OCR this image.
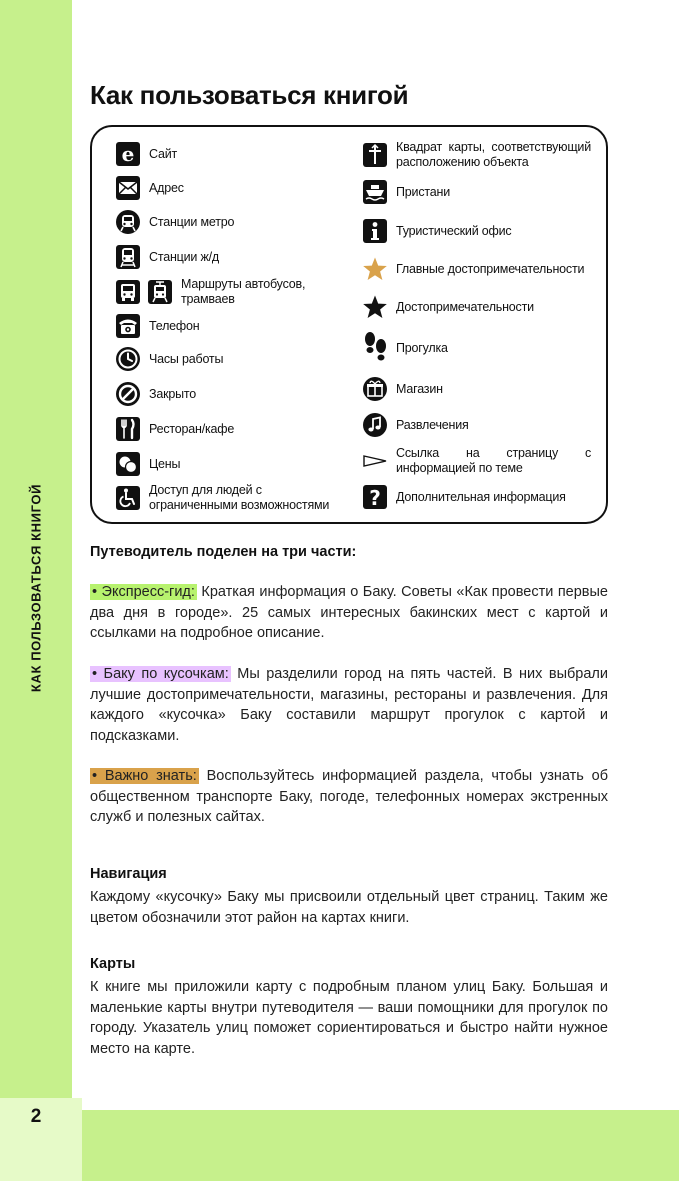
КАК ПОЛЬЗОВАТЬСЯ КНИГОЙ
2
Как пользоваться книгой
e Сайт
Адрес
Станции метро
Станции ж/д
Маршруты автобусов, трамваев
Телефон
Часы работы
Закрыто
Ресторан/кафе
Цены
Доступ для людей с ограниченными возможностями
Квадрат карты, соответствующий расположению объекта
Пристани
Туристический офис
Главные достопримечательности
Достопримечательности
Прогулка
Магазин
Развлечения
Ссылка на страницу с информацией по теме
? Дополнительная информация
Путеводитель поделен на три части:

• Экспресс-гид: Краткая информация о Баку. Советы «Как провести первые два дня в городе». 25 самых интересных бакинских мест с картой и ссылками на подробное описание.

• Баку по кусочкам: Мы разделили город на пять частей. В них выбрали лучшие достопримечательности, магазины, рестораны и развлечения. Для каждого «кусочка» Баку составили маршрут прогулок с картой и подсказками.

• Важно знать: Воспользуйтесь информацией раздела, чтобы узнать об общественном транспорте Баку, погоде, телефонных номерах экстренных служб и полезных сайтах.

Навигация

Каждому «кусочку» Баку мы присвоили отдельный цвет страниц. Таким же цветом обозначили этот район на картах книги.

Карты

К книге мы приложили карту с подробным планом улиц Баку. Большая и маленькие карты внутри путеводителя — ваши помощники для прогулок по городу. Указатель улиц поможет сориентироваться и быстро найти нужное место на карте.
